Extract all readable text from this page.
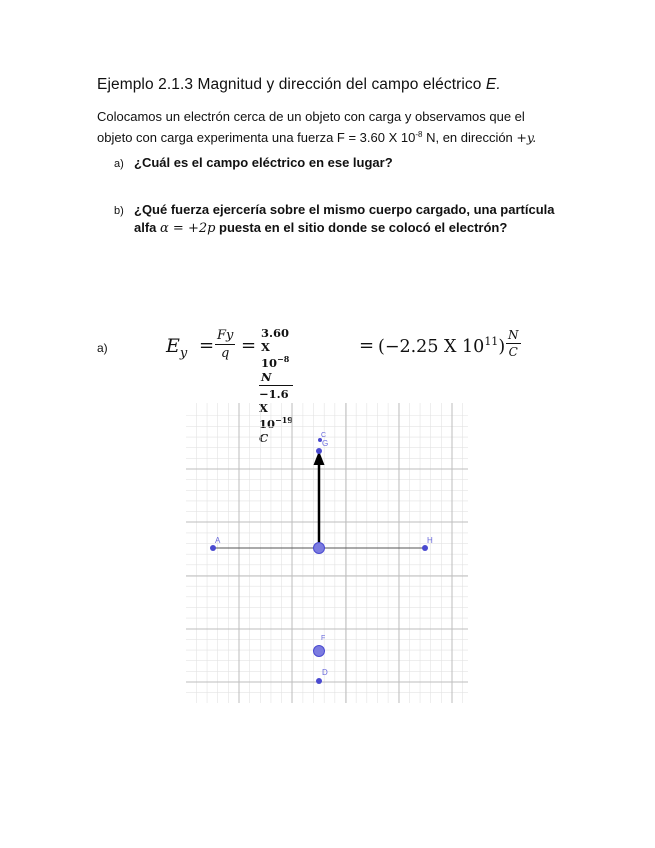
Ejemplo 2.1.3 Magnitud y dirección del campo eléctrico E.
Colocamos un electrón cerca de un objeto con carga y observamos que el
objeto con carga experimenta una fuerza F = 3.60 X $10^{-8}$ N, en dirección +y.
a) ¿Cuál es el campo eléctrico en ese lugar?
b) ¿Qué fuerza ejercería sobre el mismo cuerpo cargado, una partícula
alfa α = +2p puesta en el sitio donde se colocó el electrón?
a)	$E_y = \frac{Fy}{q} = \frac{3.60 X 10^{-8} N}{-1.6 X 10^{-19} C}$	= (−2.25 X $10^{11}) \frac{N}{C}$
A	H
C
G
F
D
